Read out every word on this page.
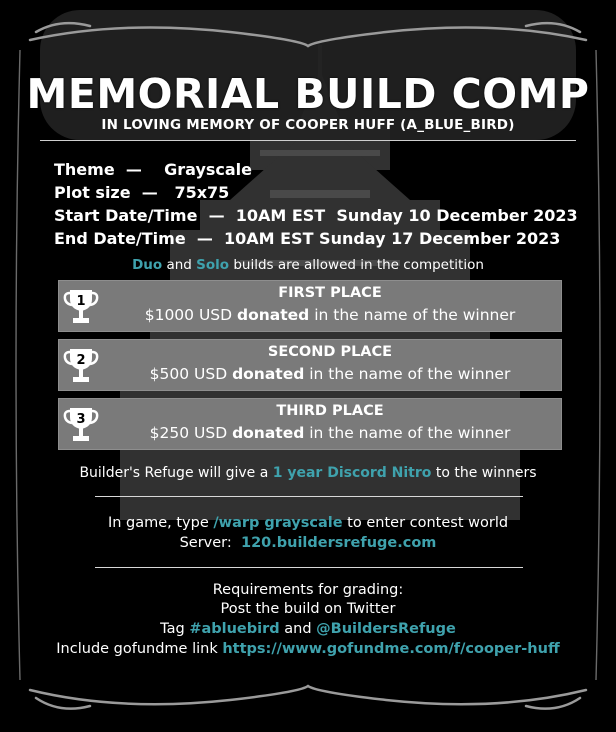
MEMORIAL BUILD COMP
IN LOVING MEMORY OF COOPER HUFF (A_BLUE_BIRD)
Theme — Grayscale
Plot size — 75x75
Start Date/Time — 10AM EST  Sunday 10 December 2023
End Date/Time — 10AM EST Sunday 17 December 2023
Duo and Solo builds are allowed in the competition
1
FIRST PLACE
$1000 USD donated in the name of the winner
2
SECOND PLACE
$500 USD donated in the name of the winner
3
THIRD PLACE
$250 USD donated in the name of the winner
Builder's Refuge will give a 1 year Discord Nitro to the winners
In game, type /warp grayscale to enter contest world
Server:  120.buildersrefuge.com
Requirements for grading:
Post the build on Twitter
Tag #abluebird and @BuildersRefuge
Include gofundme link https://www.gofundme.com/f/cooper-huff
